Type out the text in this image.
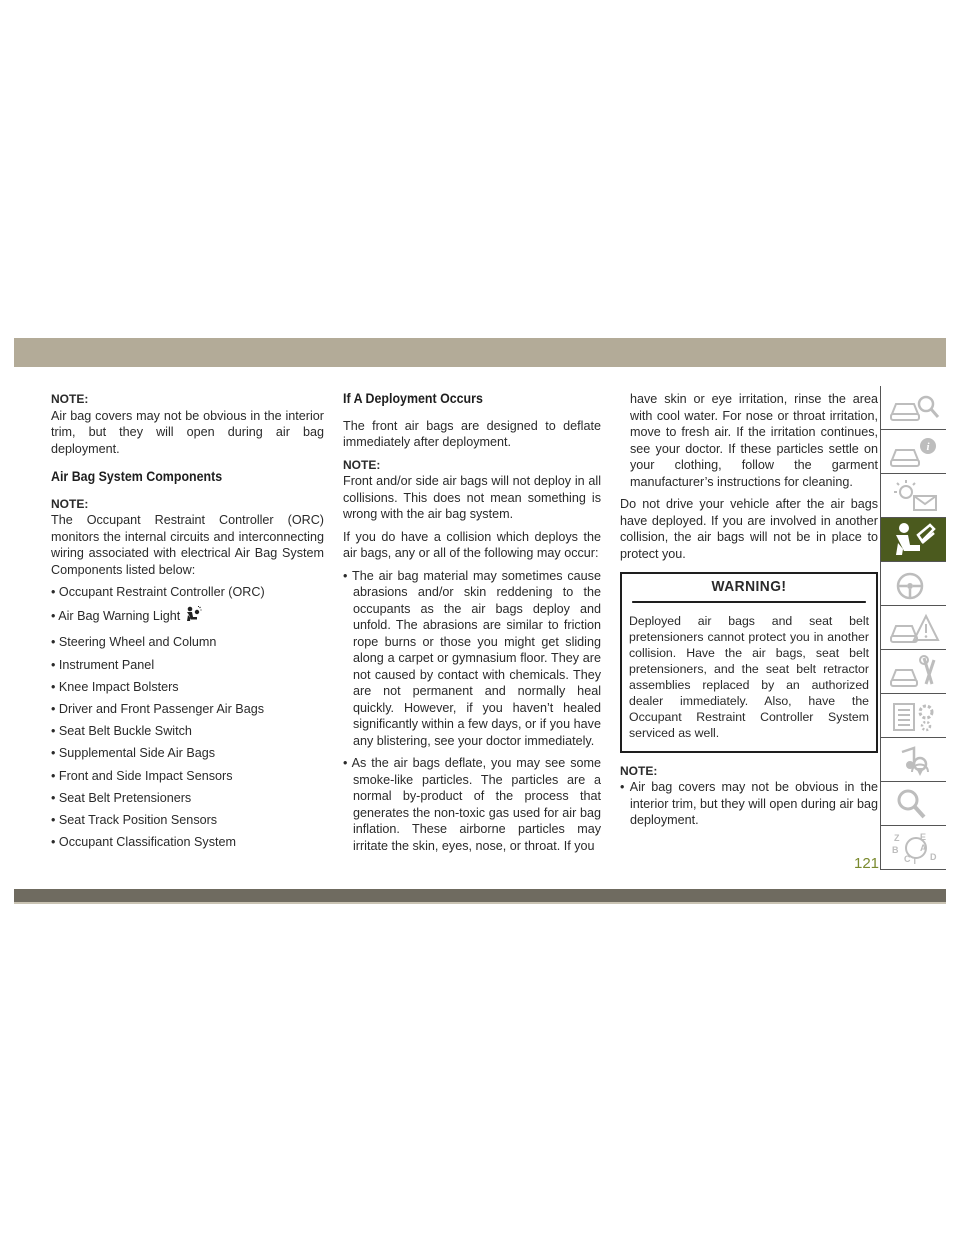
NOTE:

Air bag covers may not be obvious in the interior trim, but they will open during air bag deployment.

Air Bag System Components

NOTE:

The Occupant Restraint Controller (ORC) monitors the internal circuits and interconnecting wiring associated with electrical Air Bag System Components listed below:

• Occupant Restraint Controller (ORC)
• Air Bag Warning Light
• Steering Wheel and Column
• Instrument Panel
• Knee Impact Bolsters
• Driver and Front Passenger Air Bags
• Seat Belt Buckle Switch
• Supplemental Side Air Bags
• Front and Side Impact Sensors
• Seat Belt Pretensioners
• Seat Track Position Sensors
• Occupant Classification System
If A Deployment Occurs

The front air bags are designed to deflate immediately after deployment.

NOTE:

Front and/or side air bags will not deploy in all collisions. This does not mean something is wrong with the air bag system.

If you do have a collision which deploys the air bags, any or all of the following may occur:

• The air bag material may sometimes cause abrasions and/or skin reddening to the occupants as the air bags deploy and unfold. The abrasions are similar to friction rope burns or those you might get sliding along a carpet or gymnasium floor. They are not caused by contact with chemicals. They are not permanent and normally heal quickly. However, if you haven’t healed significantly within a few days, or if you have any blistering, see your doctor immediately.
• As the air bags deflate, you may see some smoke-like particles. The particles are a normal by-product of the process that generates the non-toxic gas used for air bag inflation. These airborne particles may irritate the skin, eyes, nose, or throat. If you

have skin or eye irritation, rinse the area with cool water. For nose or throat irritation, move to fresh air. If the irritation continues, see your doctor. If these particles settle on your clothing, follow the garment manufacturer’s instructions for cleaning.

Do not drive your vehicle after the air bags have deployed. If you are involved in another collision, the air bags will not be in place to protect you.

WARNING!
Deployed air bags and seat belt pretensioners cannot protect you in another collision. Have the air bags, seat belt pretensioners, and the seat belt retractor assemblies replaced by an authorized dealer immediately. Also, have the Occupant Restraint Controller System serviced as well.

NOTE:

• Air bag covers may not be obvious in the interior trim, but they will open during air bag deployment.
i
Z E
B A
C T D
121
